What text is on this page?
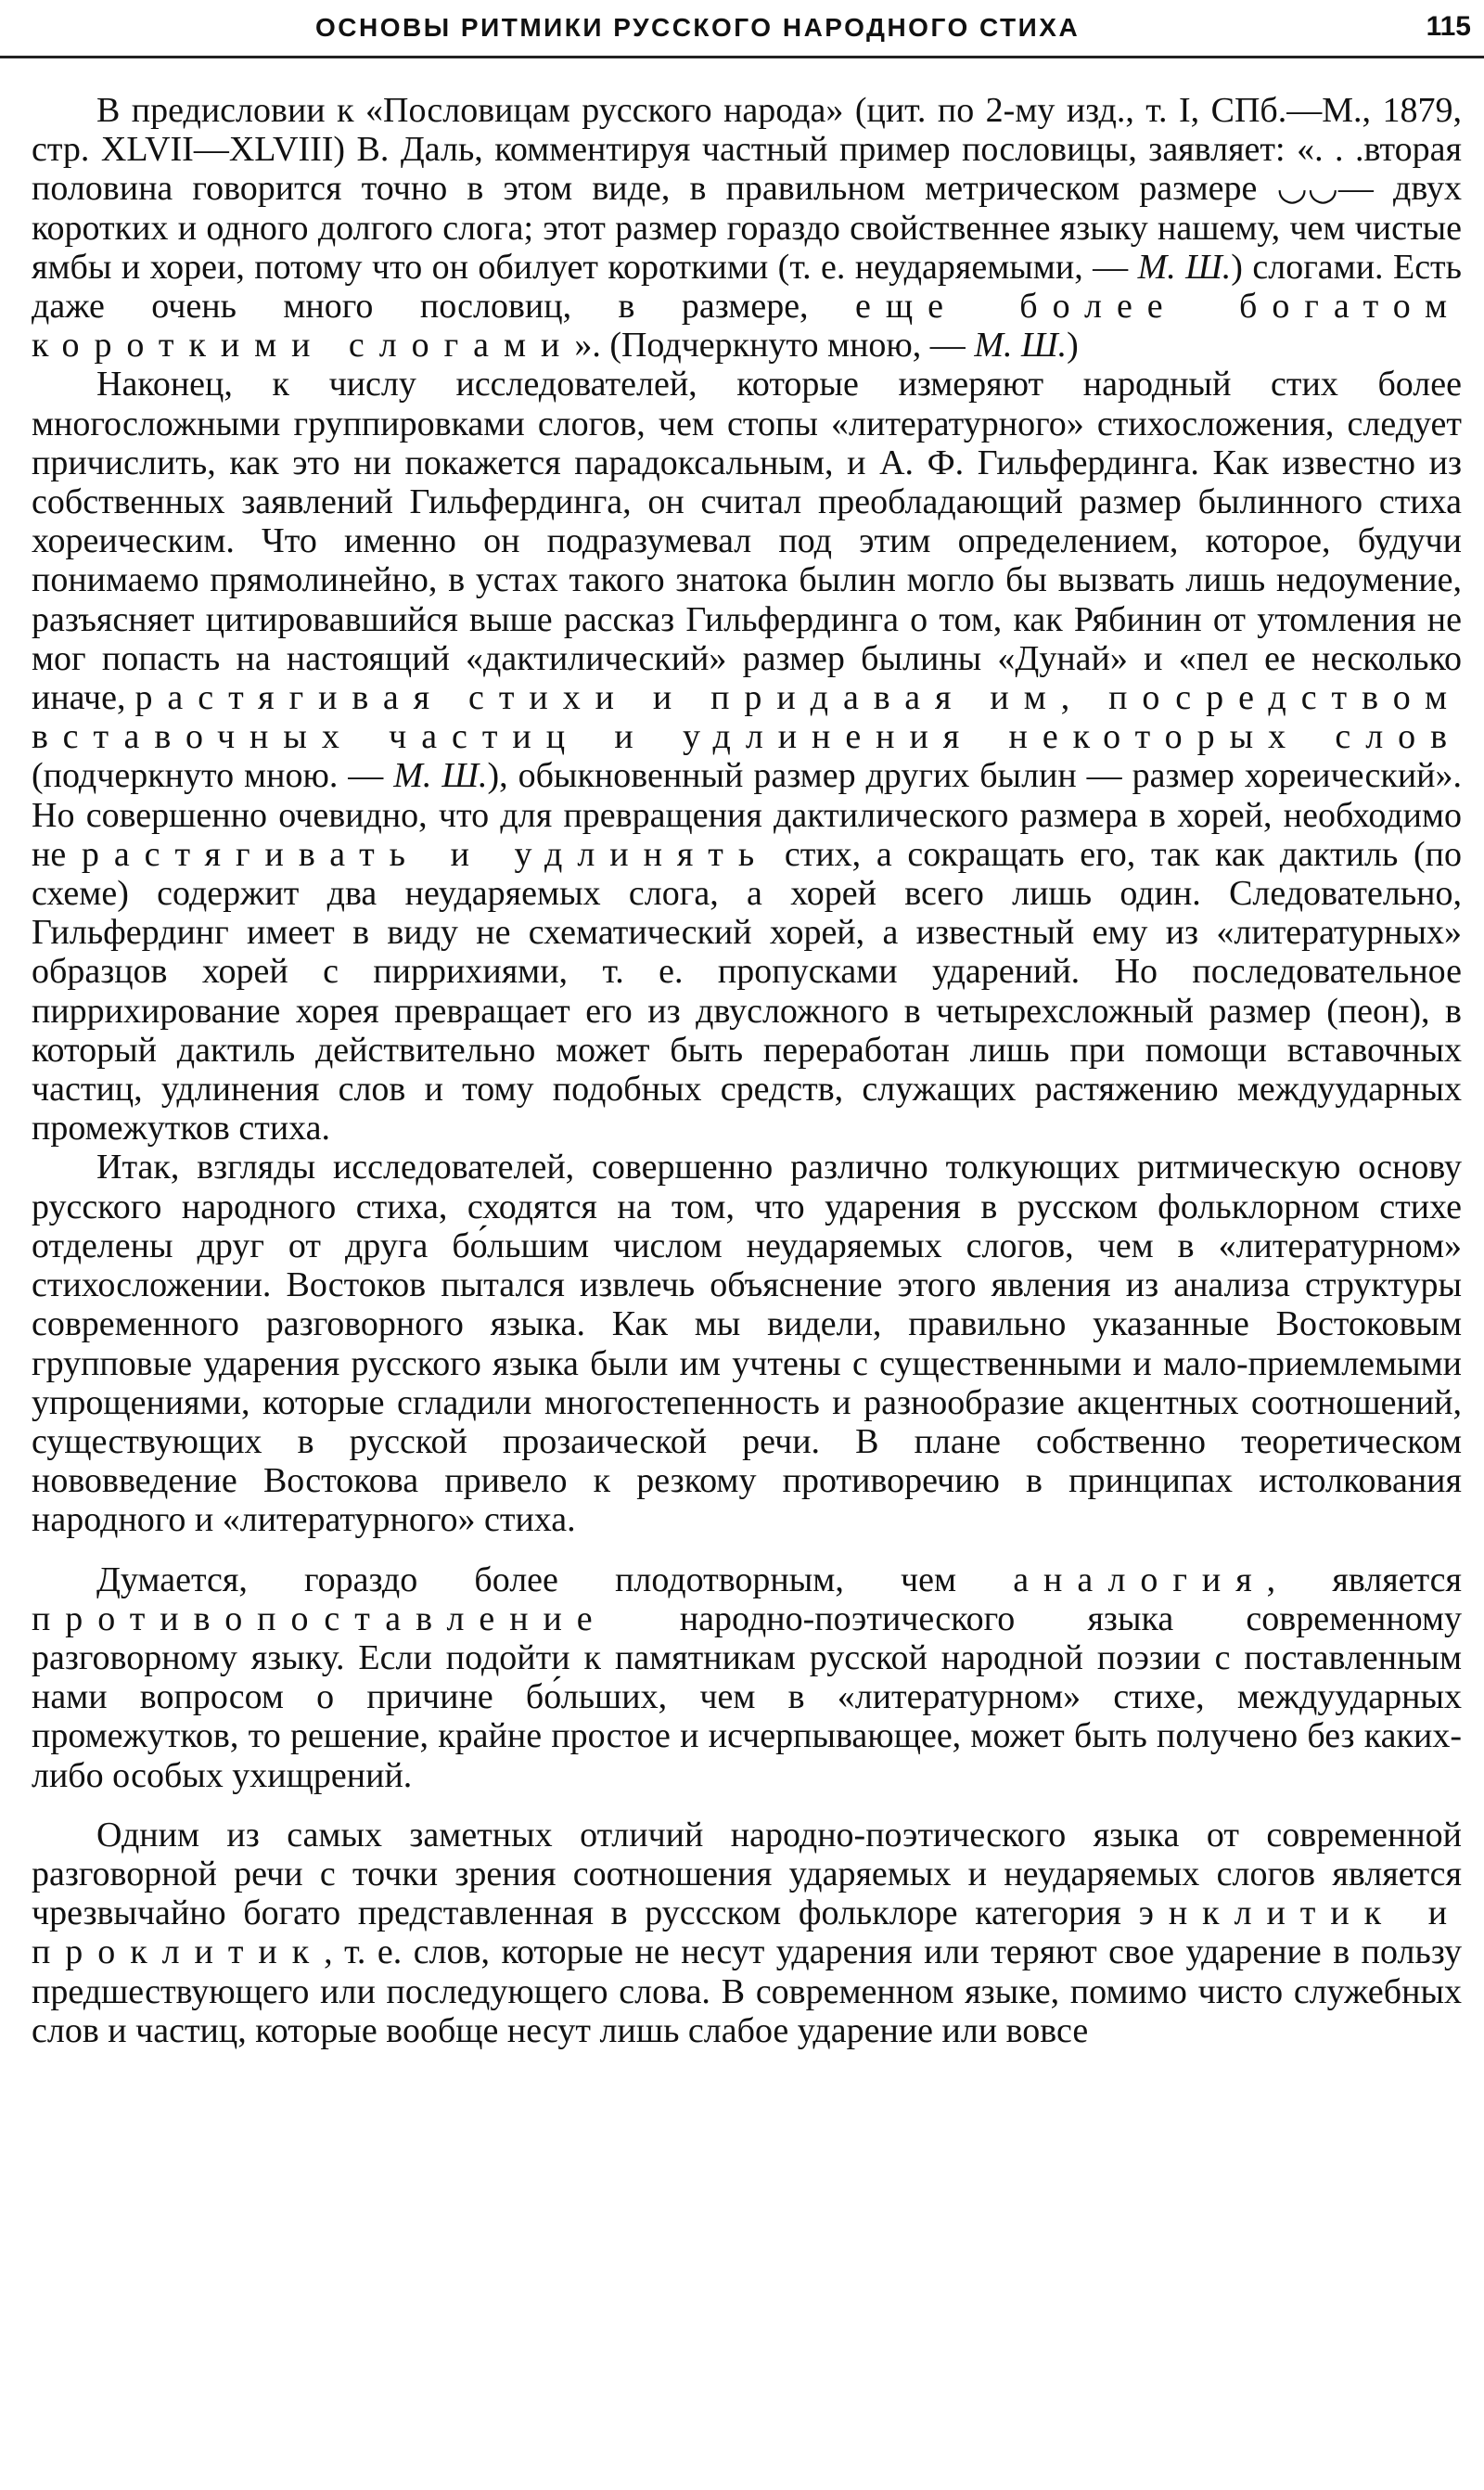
ОСНОВЫ РИТМИКИ РУССКОГО НАРОДНОГО СТИХА	115

В предисловии к «Пословицам русского народа» (цит. по 2-му изд., т. I, СПб.—М., 1879, стр. XLVII—XLVIII) В. Даль, комментируя частный пример пословицы, заявляет: «. . .вторая половина говорится точно в этом виде, в правильном метрическом размере ◡◡— двух коротких и одного долгого слога; этот размер гораздо свойственнее языку нашему, чем чистые ямбы и хореи, потому что он обилует короткими (т. е. неударяемыми, — М. Ш.) слогами. Есть даже очень много пословиц, в размере, еще более богатом короткими слогами». (Подчеркнуто мною, — М. Ш.)

Наконец, к числу исследователей, которые измеряют народный стих более многосложными группировками слогов, чем стопы «литературного» стихосложения, следует причислить, как это ни покажется парадоксальным, и А. Ф. Гильфердинга. Как известно из собственных заявлений Гильфердинга, он считал преобладающий размер былинного стиха хореическим. Что именно он подразумевал под этим определением, которое, будучи понимаемо прямолинейно, в устах такого знатока былин могло бы вызвать лишь недоумение, разъясняет цитировавшийся выше рассказ Гильфердинга о том, как Рябинин от утомления не мог попасть на настоящий «дактилический» размер былины «Дунай» и «пел ее несколько иначе, растягивая стихи и придавая им, посредством вставочных частиц и удлинения некоторых слов (подчеркнуто мною. — М. Ш.), обыкновенный размер других былин — размер хореический». Но совершенно очевидно, что для превращения дактилического размера в хорей, необходимо не растягивать и удлинять стих, а сокращать его, так как дактиль (по схеме) содержит два неударяемых слога, а хорей всего лишь один. Следовательно, Гильфердинг имеет в виду не схематический хорей, а известный ему из «литературных» образцов хорей с пиррихиями, т. е. пропусками ударений. Но последовательное пиррихирование хорея превращает его из двусложного в четырехсложный размер (пеон), в который дактиль действительно может быть переработан лишь при помощи вставочных частиц, удлинения слов и тому подобных средств, служащих растяжению междуударных промежутков стиха.

Итак, взгляды исследователей, совершенно различно толкующих ритмическую основу русского народного стиха, сходятся на том, что ударения в русском фольклорном стихе отделены друг от друга бо́льшим числом неударяемых слогов, чем в «литературном» стихосложении. Востоков пытался извлечь объяснение этого явления из анализа структуры современного разговорного языка. Как мы видели, правильно указанные Востоковым групповые ударения русского языка были им учтены с существенными и мало-приемлемыми упрощениями, которые сгладили многостепенность и разнообразие акцентных соотношений, существующих в русской прозаической речи. В плане собственно теоретическом нововведение Востокова привело к резкому противоречию в принципах истолкования народного и «литературного» стиха.

Думается, гораздо более плодотворным, чем аналогия, является противопоставление народно-поэтического языка современному разговорному языку. Если подойти к памятникам русской народной поэзии с поставленным нами вопросом о причине бо́льших, чем в «литературном» стихе, междуударных промежутков, то решение, крайне простое и исчерпывающее, может быть получено без каких-либо особых ухищрений.

Одним из самых заметных отличий народно-поэтического языка от современной разговорной речи с точки зрения соотношения ударяемых и неударяемых слогов является чрезвычайно богато представленная в русcском фольклоре категория энклитик и проклитик, т. е. слов, которые не несут ударения или теряют свое ударение в пользу предшествующего или последующего слова. В современном языке, помимо чисто служебных слов и частиц, которые вообще несут лишь слабое ударение или вовсе
